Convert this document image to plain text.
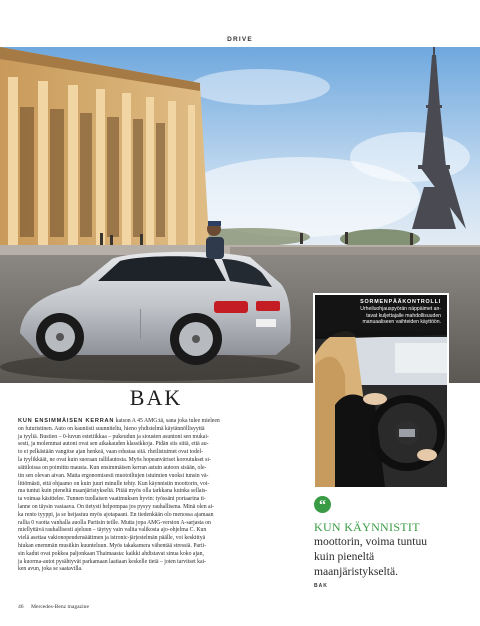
DRIVE
SORMENPÄÄKONTROLLI
Urheiluohjauspyörän näppäimet an-
tavat kuljettajalle mahdollisuuden
manuaaliseen vaihteiden käyttöön.
BAK

KUN ENSIMMÄISEN KERRAN katson A 45 AMG:tä, sana joka tulee mieleen

on futuristinen. Auto on kauniisti suunniteltu, hieno yhdistelmä käytännöllisyyttä

ja tyyliä. Bustien – 0-luvun estetiikkaa – pukeudun ja siousten asuntoni sen mukai-

sesti, ja molemmat autoni ovat sen aikakauden klassikkoja. Pidän siis siitä, että au-

to ei pelkästään vangitse ajan henkeä, vaan edustaa sitä. rheilistuimet ovat todel-

la tyylikkäät, ne ovat kuin suoraan rallilautosta. Myös hopeanväriset koroutukset si-

säitiloissa on poimittu mausta. Kun ensimmäisen kerran astuin autoon sisään, ole-

tin sen olevan aivan. Matta ergonomisesti muotoiltujen istuimien vuoksi tunsin vä-

littömästi, että ohjaamo on kuin juuri minulle tehty. Kun käynnistin moottorin, voi-

ma tuntui kuin pieneltä maanjäristykseltä. Pitää myös olla tarkkana kuinka sellais-

ta voimaa käsittelee. Tunnen tuollaisen vaatimuksen hyvin: työssäni portaarina ti-

lanne on täysin vastaava. On tietysti helpompaa jos pysyy rauhallisena. Minä olen ai-

ka rento tyyppi, ja se heijastuu myös ajotapaani. En tiedenkään olo menossa ajamaan

rallia 0 vaotta vanhalla auolla Pariisin teille. Mutta jopa AMG-version A-sarjasta on

miellyttävä rauhallisesti ajeluun – täytyy vain valita valikosta ajo-ohjelma C. Kun

vielä asettaa vakionopeudensäätimen ja istronic-järjestelmän päälle, voi keskittyä

hiukan enemmän musiikin kuunteluun. Myös takakamera vähentää stressiä. Parii-

sin kadut ovat pokkea paljonkaan Thaimaasta: kaikki ahdistavat sinua koko ajan,

ja kuorma-autot pysähtyvät parkamaan laatiaan keskelle tietä – joten tarvitset kai-

ken avun, joka se saatavilla.

“
KUN KÄYNNISTIT
moottorin, voima tuntuu
kuin pieneltä
maanjäristykseltä.
BAK
46 Mercedes-Benz magazine
